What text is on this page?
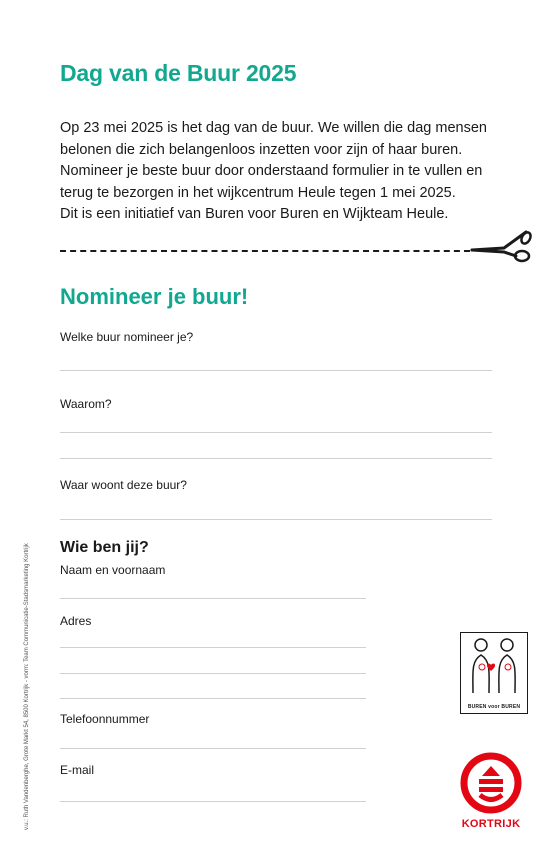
Dag van de Buur 2025
Op 23 mei 2025 is het dag van de buur. We willen die dag mensen
belonen die zich belangenloos inzetten voor zijn of haar buren.
Nomineer je beste buur door onderstaand formulier in te vullen en
terug te bezorgen in het wijkcentrum Heule tegen 1 mei 2025.
Dit is een initiatief van Buren voor Buren en Wijkteam Heule.
Nomineer je buur!
Welke buur nomineer je?
Waarom?
Waar woont deze buur?
Wie ben jij?
Naam en voornaam
Adres
Telefoonnummer
E-mail
v.u.: Ruth Vandenberghe, Grote Markt 54, 8500 Kortrijk - vorm: Team Communicatie-Stadsmarketing Kortrijk	BUREN voor BUREN
KORTRIJK
